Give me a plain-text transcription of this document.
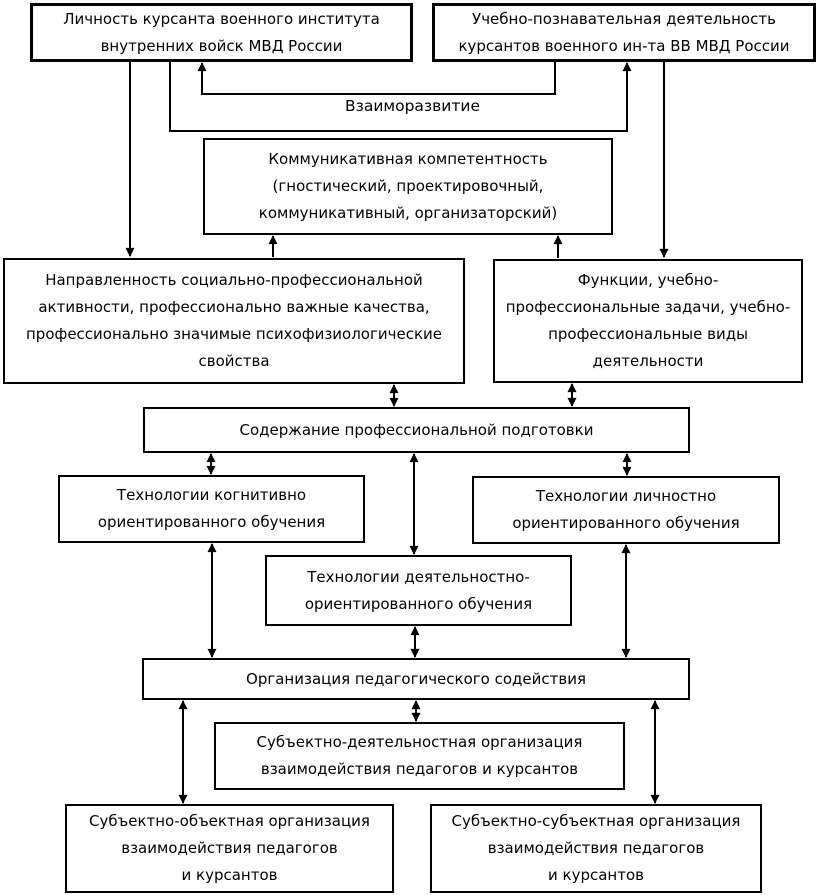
Личность курсанта военного института
внутренних войск МВД России
Учебно-познавательная деятельность
курсантов военного ин-та ВВ МВД России
Взаиморазвитие
Коммуникативная компетентность
(гностический, проектировочный,
коммуникативный, организаторский)
Направленность социально-профессиональной
активности, профессионально важные качества,
профессионально значимые психофизиологические
свойства
Функции, учебно-
профессиональные задачи, учебно-
профессиональные виды
деятельности
Содержание профессиональной подготовки
Технологии когнитивно
ориентированного обучения
Технологии личностно
ориентированного обучения
Технологии деятельностно-
ориентированного обучения
Организация педагогического содействия
Субъектно-деятельностная организация
взаимодействия педагогов и курсантов
Субъектно-объектная организация
взаимодействия педагогов
и курсантов
Субъектно-субъектная организация
взаимодействия педагогов
и курсантов
